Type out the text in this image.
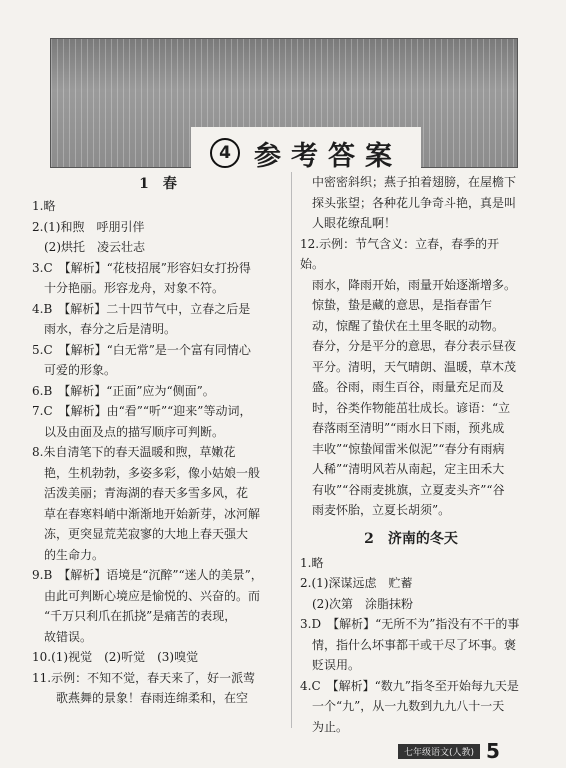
4 参考答案
1　春
1.略
2.(1)和煦　呼朋引伴
　(2)烘托　凌云壮志
3.C　【解析】“花枝招展”形容妇女打扮得
　十分艳丽。形容龙舟，对象不符。
4.B　【解析】二十四节气中，立春之后是
　雨水，春分之后是清明。
5.C　【解析】“白无常”是一个富有同情心
　可爱的形象。
6.B　【解析】“正面”应为“侧面”。
7.C　【解析】由“看”“听”“迎来”等动词，
　以及由面及点的描写顺序可判断。
8.朱自清笔下的春天温暖和煦，草嫩花
　艳，生机勃勃，多姿多彩，像小姑娘一般
　活泼美丽；青海湖的春天多雪多风，花
　草在春寒料峭中渐渐地开始新芽，冰河解
　冻，更突显荒芜寂寥的大地上春天强大
　的生命力。
9.B　【解析】语境是“沉醉”“迷人的美景”，
　由此可判断心境应是愉悦的、兴奋的。而
　“千万只利爪在抓挠”是痛苦的表现，
　故错误。
10.(1)视觉　(2)听觉　(3)嗅觉
11.示例：不知不觉，春天来了，好一派莺
　　歌燕舞的景象！春雨连绵柔和，在空
　中密密斜织；燕子拍着翅膀，在屋檐下
　探头张望；各种花儿争奇斗艳，真是叫
　人眼花缭乱啊！
12.示例：节气含义：立春，春季的开始。
　雨水，降雨开始，雨量开始逐渐增多。
　惊蛰，蛰是藏的意思，是指春雷乍
　动，惊醒了蛰伏在土里冬眠的动物。
　春分，分是平分的意思，春分表示昼夜
　平分。清明，天气晴朗、温暖，草木茂
　盛。谷雨，雨生百谷，雨量充足而及
　时，谷类作物能茁壮成长。谚语：“立
　春落雨至清明”“雨水日下雨，预兆成
　丰收”“惊蛰闻雷米似泥”“春分有雨病
　人稀”“清明风若从南起，定主田禾大
　有收”“谷雨麦挑旗，立夏麦头齐”“谷
　雨麦怀胎，立夏长胡须”。
2　济南的冬天
1.略
2.(1)深谋远虑　贮蓄
　(2)次第　涂脂抹粉
3.D　【解析】“无所不为”指没有不干的事
　情，指什么坏事都干或干尽了坏事。褒
　贬误用。
4.C　【解析】“数九”指冬至开始每九天是
　一个“九”，从一九数到九九八十一天
　为止。
七年级语文(人教) 5
